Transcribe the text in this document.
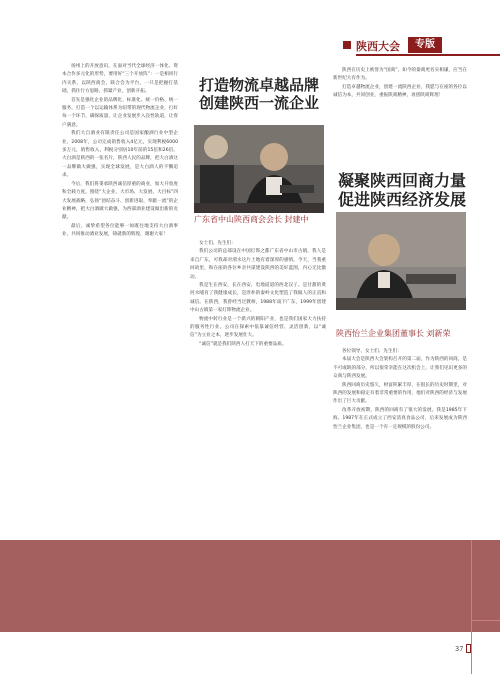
陕西大会	专版

扬州上的开放意识，在面对当代全球经济一体化、资本合作多元化的形势，要用好“三个开放阵”：一是相同行内关系，以陕西商会、联合会为平台，一只是把握打基础，抓住行方思路，抓紧产业，创新开拓。

首先是强化企业的品牌化、标准化、统一价格、统一服务，打造一个以运输体系为纽带的现代物流企业，打好每一个环节，确保质量，让企业发展步入良性轨道，让客户满意。

我们大自酒业有限责任公司是国家酿酒行业中型企业，2008年，公司完成销售收入4亿元，实现利税6000多万元，销售收入，利税分别居10年前的15倍和26倍。大白酒是陕西的一张名片，陕西人民的品牌，把大白酒这一品牌做大做强，实现全球发展，是大白酒人的不懈追求。

今后，我们将秉承陕西诚信厚重的商业，加大开放度和全载力度。围绕“大企业、大市场、大发展、大目标”四大发展战略，弘扬“团结奋斗、创新进取、奉献一流”的企业精神，把大白酒做大做强，为西部酒业建设做出新的贡献。

最后，诚挚希望各位能够一如既往地支持大白酒事业，共同推动酒业发展，铸就新的辉煌，谢谢大家！

打造物流卓越品牌 创建陕西一流企业
广东省中山陕西商会会长 封建中

女士们、先生们：

我们公司的总部设在中国灯饰之都广东省中山市古镇，我人是来自广东，可我却对渭水这片土地有着深厚的感情。今天，当我重回故里，和在座的各位乡亲共谋建设陕西的美好蓝图，内心无比激动。

我是生在西安，长在西安，电地道道的西北汉子。是甘甜的黄河水哺育了我健康成长，是淳朴的秦岭文化塑造了我做人的正直和诚信。在陕西，我曾经当过教师，1988年南下广东，1999年创建中山古镇第一家灯饰物流企业。

物流中转行业是一个新兴的朝阳产业，也是我们国家大力扶持的服务性行业。公司在探索中依靠诚信经营、灵活创新，以“诚信”为立业之本，逐步发展壮大。

“诚信”就是我们陕西人打天下的重要品质。

陕西在历史上被誉为“国商”，如今的秦商更名实相谦，应当在新世纪大有作为。

打造卓越物流企业，创建一流陕西企业，我愿与在座的各位以诚信为本，共同创业，重振陕商精神，再创陕商辉煌！

凝聚陕西回商力量 促进陕西经济发展
陕西怡兰企业集团董事长 刘新荣

各位领导、女士们、先生们：

本届大会是陕西大会架构召开的第二届，作为陕西的回商，是不可或缺的部分，所以很荣幸能在这次机会上，让我们见识更多的众商与陕西发展。

陕西回商历史悠久，财富积累丰厚，在很长的历史时期里，对陕西的发展和稳定有着非常重要的作用，他们对陕西的经济与发展作出了巨大贡献。

改革开放初期，陕西的回商有了很大的发展。我是1985年下海、1987年在正式成立了西安清真食品公司，后来发展成为陕西怡兰企业集团，也是一个有一定规模的股份公司。

37
